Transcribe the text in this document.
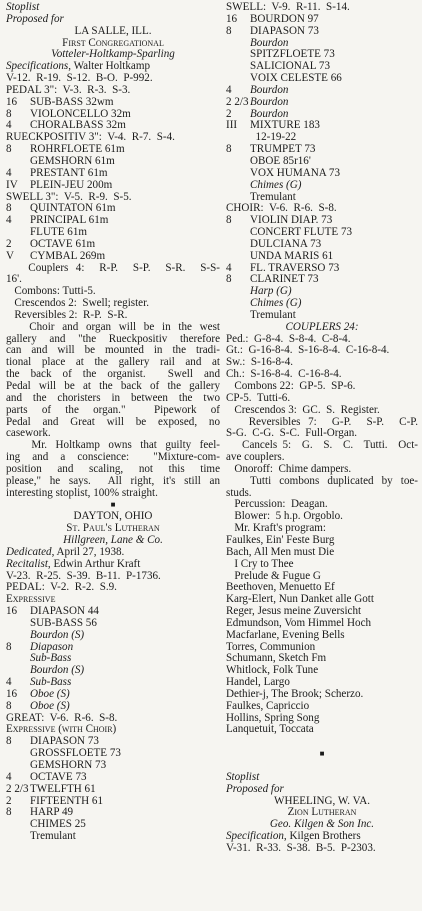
Stoplist
Proposed for
LA SALLE, ILL.
First Congregational
Votteler-Holtkamp-Sparling
Specifications, Walter Holtkamp
V-12.  R-19.  S-12.  B-O.  P-992.
PEDAL 3":  V-3.  R-3.  S-3.
16 SUB-BASS 32wm
8 VIOLONCELLO 32m
4 CHORALBASS 32m
RUECKPOSITIV 3":  V-4.  R-7.  S-4.
8 ROHRFLOETE 61m
GEMSHORN 61m
4 PRESTANT 61m
IV PLEIN-JEU 200m
SWELL 3":  V-5.  R-9.  S-5.
8 QUINTATON 61m
4 PRINCIPAL 61m
FLUTE 61m
2 OCTAVE 61m
V CYMBAL 269m
Couplers 4:  R-P.  S-P.  S-R.  S-S-
16'.
Combons: Tutti-5.
Crescendos 2:  Swell; register.
Reversibles 2:  R-P.  S-R.
Choir and organ will be in the west
gallery and "the Rueckpositiv therefore
can and will be mounted in the tradi-
tional place at the gallery rail and at
the back of the organist.  Swell and
Pedal will be at the back of the gallery
and the choristers in between the two
parts of the organ."  Pipework of
Pedal and Great will be exposed, no
casework.
Mr. Holtkamp owns that guilty feel-
ing and a conscience:  "Mixture-com-
position and scaling, not this time
please," he says.  All right, it's still an
interesting stoplist, 100% straight.
■
DAYTON, OHIO
St. Paul's Lutheran
Hillgreen, Lane & Co.
Dedicated, April 27, 1938.
Recitalist, Edwin Arthur Kraft
V-23.  R-25.  S-39.  B-11.  P-1736.
PEDAL:  V-2.  R-2.  S.9.
Expressive
16 DIAPASON 44
SUB-BASS 56
Bourdon (S)
8 Diapason
Sub-Bass
Bourdon (S)
4 Sub-Bass
16 Oboe (S)
8 Oboe (S)
GREAT:  V-6.  R-6.  S-8.
Expressive (with Choir)
8 DIAPASON 73
GROSSFLOETE 73
GEMSHORN 73
4 OCTAVE 73
2 2/3 TWELFTH 61
2 FIFTEENTH 61
8 HARP 49
CHIMES 25
Tremulant
SWELL:  V-9.  R-11.  S-14.
16 BOURDON 97
8 DIAPASON 73
Bourdon
SPITZFLOETE 73
SALICIONAL 73
VOIX CELESTE 66
4 Bourdon
2 2/3 Bourdon
2 Bourdon
III MIXTURE 183
12-19-22
8 TRUMPET 73
OBOE 85r16'
VOX HUMANA 73
Chimes (G)
Tremulant
CHOIR:  V-6.  R-6.  S-8.
8 VIOLIN DIAP. 73
CONCERT FLUTE 73
DULCIANA 73
UNDA MARIS 61
4 FL. TRAVERSO 73
8 CLARINET 73
Harp (G)
Chimes (G)
Tremulant
COUPLERS 24:
Ped.:  G-8-4.  S-8-4.  C-8-4.
Gt.:  G-16-8-4.  S-16-8-4.  C-16-8-4.
Sw.:  S-16-8-4.
Ch.:  S-16-8-4.  C-16-8-4.
Combons 22:  GP-5.  SP-6.
CP-5.  Tutti-6.
Crescendos 3:  GC.  S.  Register.
Reversibles 7:  G-P.  S-P.  C-P.
S-G.  C-G.  S-C.  Full-Organ.
Cancels 5:  G.  S.  C.  Tutti.  Oct-
ave couplers.
Onoroff:  Chime dampers.
Tutti combons duplicated by toe-
studs.
Percussion:  Deagan.
Blower:  5 h.p. Orgoblo.
Mr. Kraft's program:
Faulkes, Ein' Feste Burg
Bach, All Men must Die
I Cry to Thee
Prelude & Fugue G
Beethoven, Menuetto Ef
Karg-Elert, Nun Danket alle Gott
Reger, Jesus meine Zuversicht
Edmundson, Vom Himmel Hoch
Macfarlane, Evening Bells
Torres, Communion
Schumann, Sketch Fm
Whitlock, Folk Tune
Handel, Largo
Dethier-j, The Brook; Scherzo.
Faulkes, Capriccio
Hollins, Spring Song
Lanquetuit, Toccata

■

Stoplist
Proposed for
WHEELING, W. VA.
Zion Lutheran
Geo. Kilgen & Son Inc.
Specification, Kilgen Brothers
V-31.  R-33.  S-38.  B-5.  P-2303.
